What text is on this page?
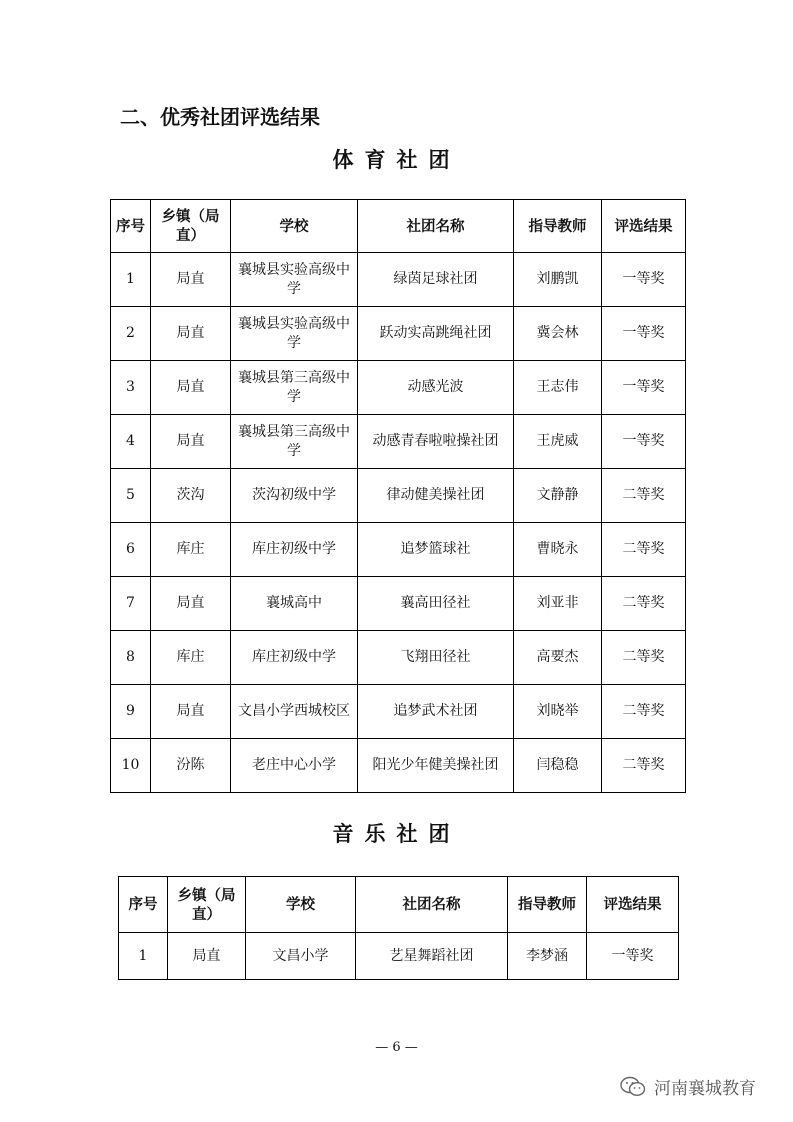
二、优秀社团评选结果
体育社团
序号	乡镇（局直）	学校	社团名称	指导教师	评选结果
1	局直	襄城县实验高级中学	绿茵足球社团	刘鹏凯	一等奖
2	局直	襄城县实验高级中学	跃动实高跳绳社团	冀会林	一等奖
3	局直	襄城县第三高级中学	动感光波	王志伟	一等奖
4	局直	襄城县第三高级中学	动感青春啦啦操社团	王虎威	一等奖
5	茨沟	茨沟初级中学	律动健美操社团	文静静	二等奖
6	库庄	库庄初级中学	追梦篮球社	曹晓永	二等奖
7	局直	襄城高中	襄高田径社	刘亚非	二等奖
8	库庄	库庄初级中学	飞翔田径社	高要杰	二等奖
9	局直	文昌小学西城校区	追梦武术社团	刘晓举	二等奖
10	汾陈	老庄中心小学	阳光少年健美操社团	闫稳稳	二等奖
音乐社团
序号	乡镇（局直）	学校	社团名称	指导教师	评选结果
1	局直	文昌小学	艺星舞蹈社团	李梦涵	一等奖
— 6 —
河南襄城教育
